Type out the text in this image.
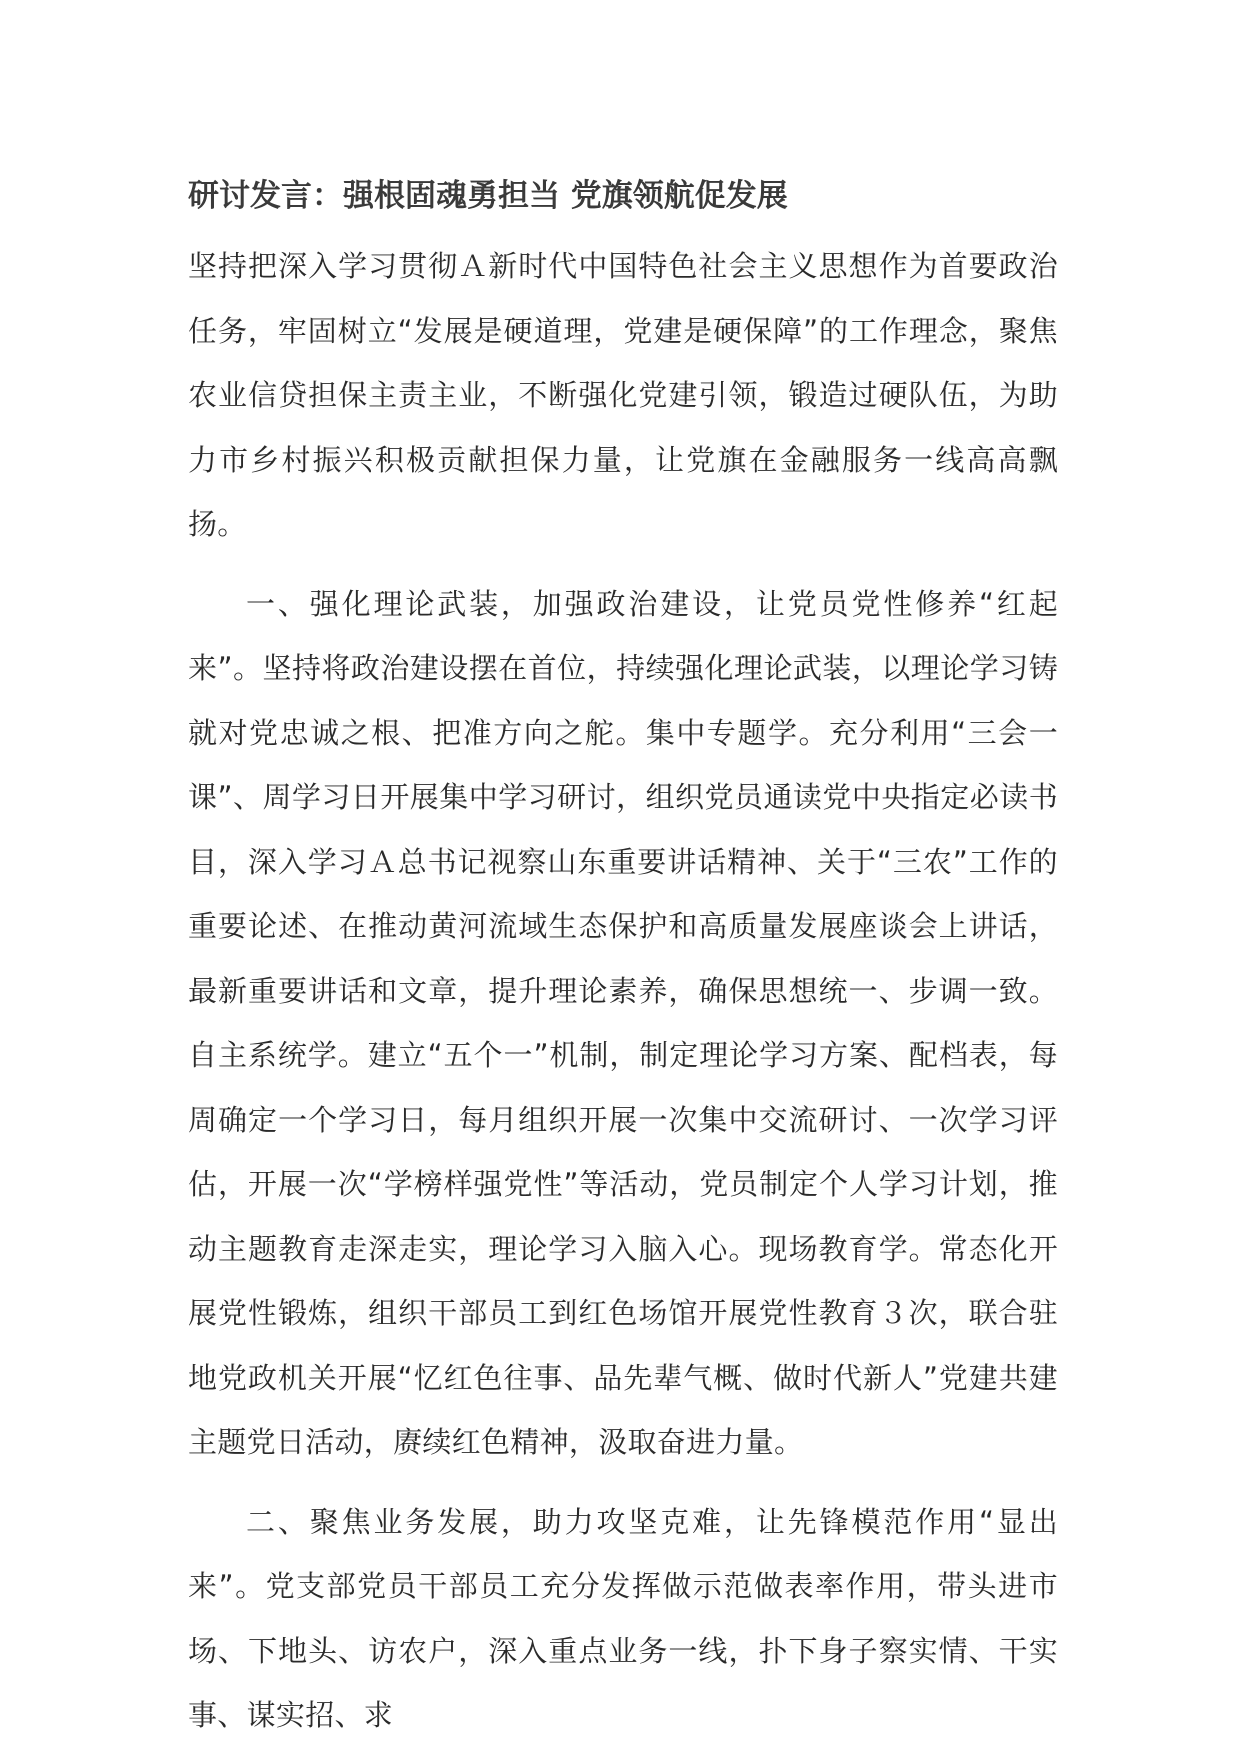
研讨发言：强根固魂勇担当 党旗领航促发展
坚持把深入学习贯彻Ａ新时代中国特色社会主义思想作为首要政治任务，牢固树立“发展是硬道理，党建是硬保障”的工作理念，聚焦农业信贷担保主责主业，不断强化党建引领，锻造过硬队伍，为助力市乡村振兴积极贡献担保力量，让党旗在金融服务一线高高飘扬。
一、强化理论武装，加强政治建设，让党员党性修养“红起来”。坚持将政治建设摆在首位，持续强化理论武装，以理论学习铸就对党忠诚之根、把准方向之舵。集中专题学。充分利用“三会一课”、周学习日开展集中学习研讨，组织党员通读党中央指定必读书目，深入学习Ａ总书记视察山东重要讲话精神、关于“三农”工作的重要论述、在推动黄河流域生态保护和高质量发展座谈会上讲话，最新重要讲话和文章，提升理论素养，确保思想统一、步调一致。自主系统学。建立“五个一”机制，制定理论学习方案、配档表，每周确定一个学习日，每月组织开展一次集中交流研讨、一次学习评估，开展一次“学榜样强党性”等活动，党员制定个人学习计划，推动主题教育走深走实，理论学习入脑入心。现场教育学。常态化开展党性锻炼，组织干部员工到红色场馆开展党性教育３次，联合驻地党政机关开展“忆红色往事、品先辈气概、做时代新人”党建共建主题党日活动，赓续红色精神，汲取奋进力量。
二、聚焦业务发展，助力攻坚克难，让先锋模范作用“显出来”。党支部党员干部员工充分发挥做示范做表率作用，带头进市场、下地头、访农户，深入重点业务一线，扑下身子察实情、干实事、谋实招、求
